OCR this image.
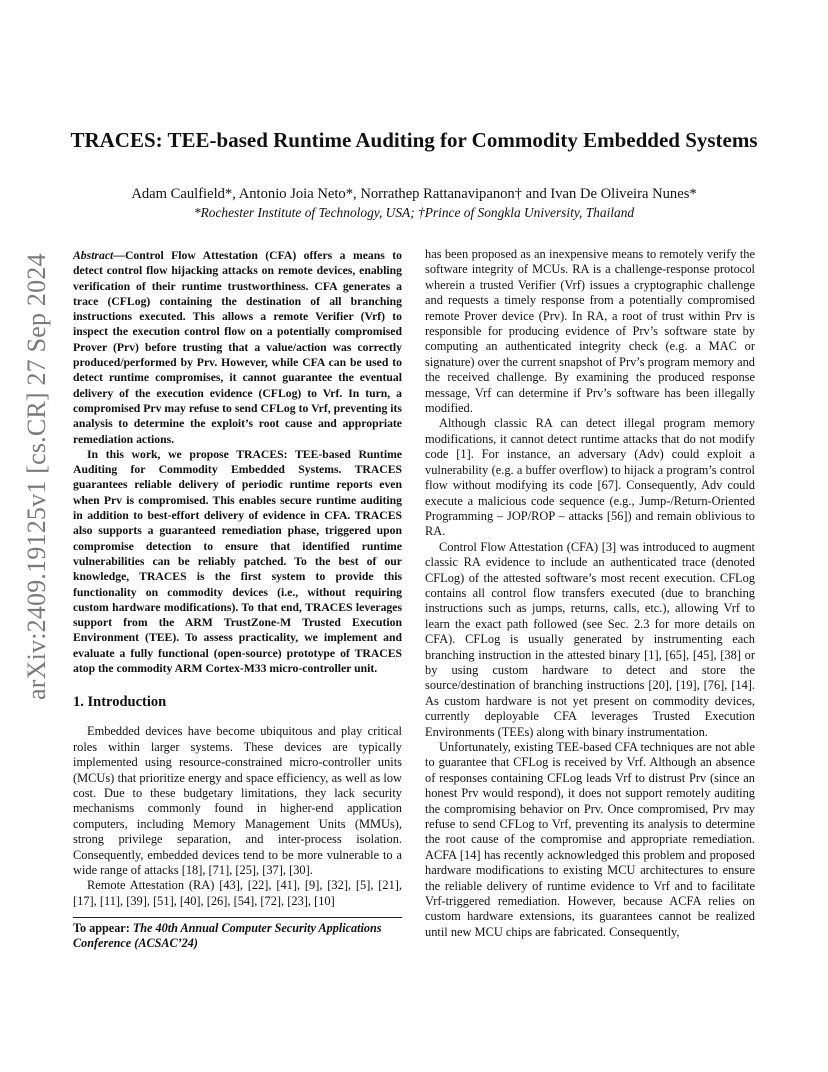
arXiv:2409.19125v1 [cs.CR] 27 Sep 2024
TRACES: TEE-based Runtime Auditing for Commodity Embedded Systems
Adam Caulfield*, Antonio Joia Neto*, Norrathep Rattanavipanon† and Ivan De Oliveira Nunes*
*Rochester Institute of Technology, USA; †Prince of Songkla University, Thailand

Abstract—Control Flow Attestation (CFA) offers a means to detect control flow hijacking attacks on remote devices, enabling verification of their runtime trustworthiness. CFA generates a trace (CFLog) containing the destination of all branching instructions executed. This allows a remote Verifier (Vrf) to inspect the execution control flow on a potentially compromised Prover (Prv) before trusting that a value/action was correctly produced/performed by Prv. However, while CFA can be used to detect runtime compromises, it cannot guarantee the eventual delivery of the execution evidence (CFLog) to Vrf. In turn, a compromised Prv may refuse to send CFLog to Vrf, preventing its analysis to determine the exploit’s root cause and appropriate remediation actions.

In this work, we propose TRACES: TEE-based Runtime Auditing for Commodity Embedded Systems. TRACES guarantees reliable delivery of periodic runtime reports even when Prv is compromised. This enables secure runtime auditing in addition to best-effort delivery of evidence in CFA. TRACES also supports a guaranteed remediation phase, triggered upon compromise detection to ensure that identified runtime vulnerabilities can be reliably patched. To the best of our knowledge, TRACES is the first system to provide this functionality on commodity devices (i.e., without requiring custom hardware modifications). To that end, TRACES leverages support from the ARM TrustZone-M Trusted Execution Environment (TEE). To assess practicality, we implement and evaluate a fully functional (open-source) prototype of TRACES atop the commodity ARM Cortex-M33 micro-controller unit.

1. Introduction

Embedded devices have become ubiquitous and play critical roles within larger systems. These devices are typically implemented using resource-constrained micro-controller units (MCUs) that prioritize energy and space efficiency, as well as low cost. Due to these budgetary limitations, they lack security mechanisms commonly found in higher-end application computers, including Memory Management Units (MMUs), strong privilege separation, and inter-process isolation. Consequently, embedded devices tend to be more vulnerable to a wide range of attacks [18], [71], [25], [37], [30].

Remote Attestation (RA) [43], [22], [41], [9], [32], [5], [21], [17], [11], [39], [51], [40], [26], [54], [72], [23], [10]

To appear: The 40th Annual Computer Security Applications Conference (ACSAC’24)

has been proposed as an inexpensive means to remotely verify the software integrity of MCUs. RA is a challenge-response protocol wherein a trusted Verifier (Vrf) issues a cryptographic challenge and requests a timely response from a potentially compromised remote Prover device (Prv). In RA, a root of trust within Prv is responsible for producing evidence of Prv’s software state by computing an authenticated integrity check (e.g. a MAC or signature) over the current snapshot of Prv’s program memory and the received challenge. By examining the produced response message, Vrf can determine if Prv’s software has been illegally modified.

Although classic RA can detect illegal program memory modifications, it cannot detect runtime attacks that do not modify code [1]. For instance, an adversary (Adv) could exploit a vulnerability (e.g. a buffer overflow) to hijack a program’s control flow without modifying its code [67]. Consequently, Adv could execute a malicious code sequence (e.g., Jump-/Return-Oriented Programming – JOP/ROP – attacks [56]) and remain oblivious to RA.

Control Flow Attestation (CFA) [3] was introduced to augment classic RA evidence to include an authenticated trace (denoted CFLog) of the attested software’s most recent execution. CFLog contains all control flow transfers executed (due to branching instructions such as jumps, returns, calls, etc.), allowing Vrf to learn the exact path followed (see Sec. 2.3 for more details on CFA). CFLog is usually generated by instrumenting each branching instruction in the attested binary [1], [65], [45], [38] or by using custom hardware to detect and store the source/destination of branching instructions [20], [19], [76], [14]. As custom hardware is not yet present on commodity devices, currently deployable CFA leverages Trusted Execution Environments (TEEs) along with binary instrumentation.

Unfortunately, existing TEE-based CFA techniques are not able to guarantee that CFLog is received by Vrf. Although an absence of responses containing CFLog leads Vrf to distrust Prv (since an honest Prv would respond), it does not support remotely auditing the compromising behavior on Prv. Once compromised, Prv may refuse to send CFLog to Vrf, preventing its analysis to determine the root cause of the compromise and appropriate remediation. ACFA [14] has recently acknowledged this problem and proposed hardware modifications to existing MCU architectures to ensure the reliable delivery of runtime evidence to Vrf and to facilitate Vrf-triggered remediation. However, because ACFA relies on custom hardware extensions, its guarantees cannot be realized until new MCU chips are fabricated. Consequently,
